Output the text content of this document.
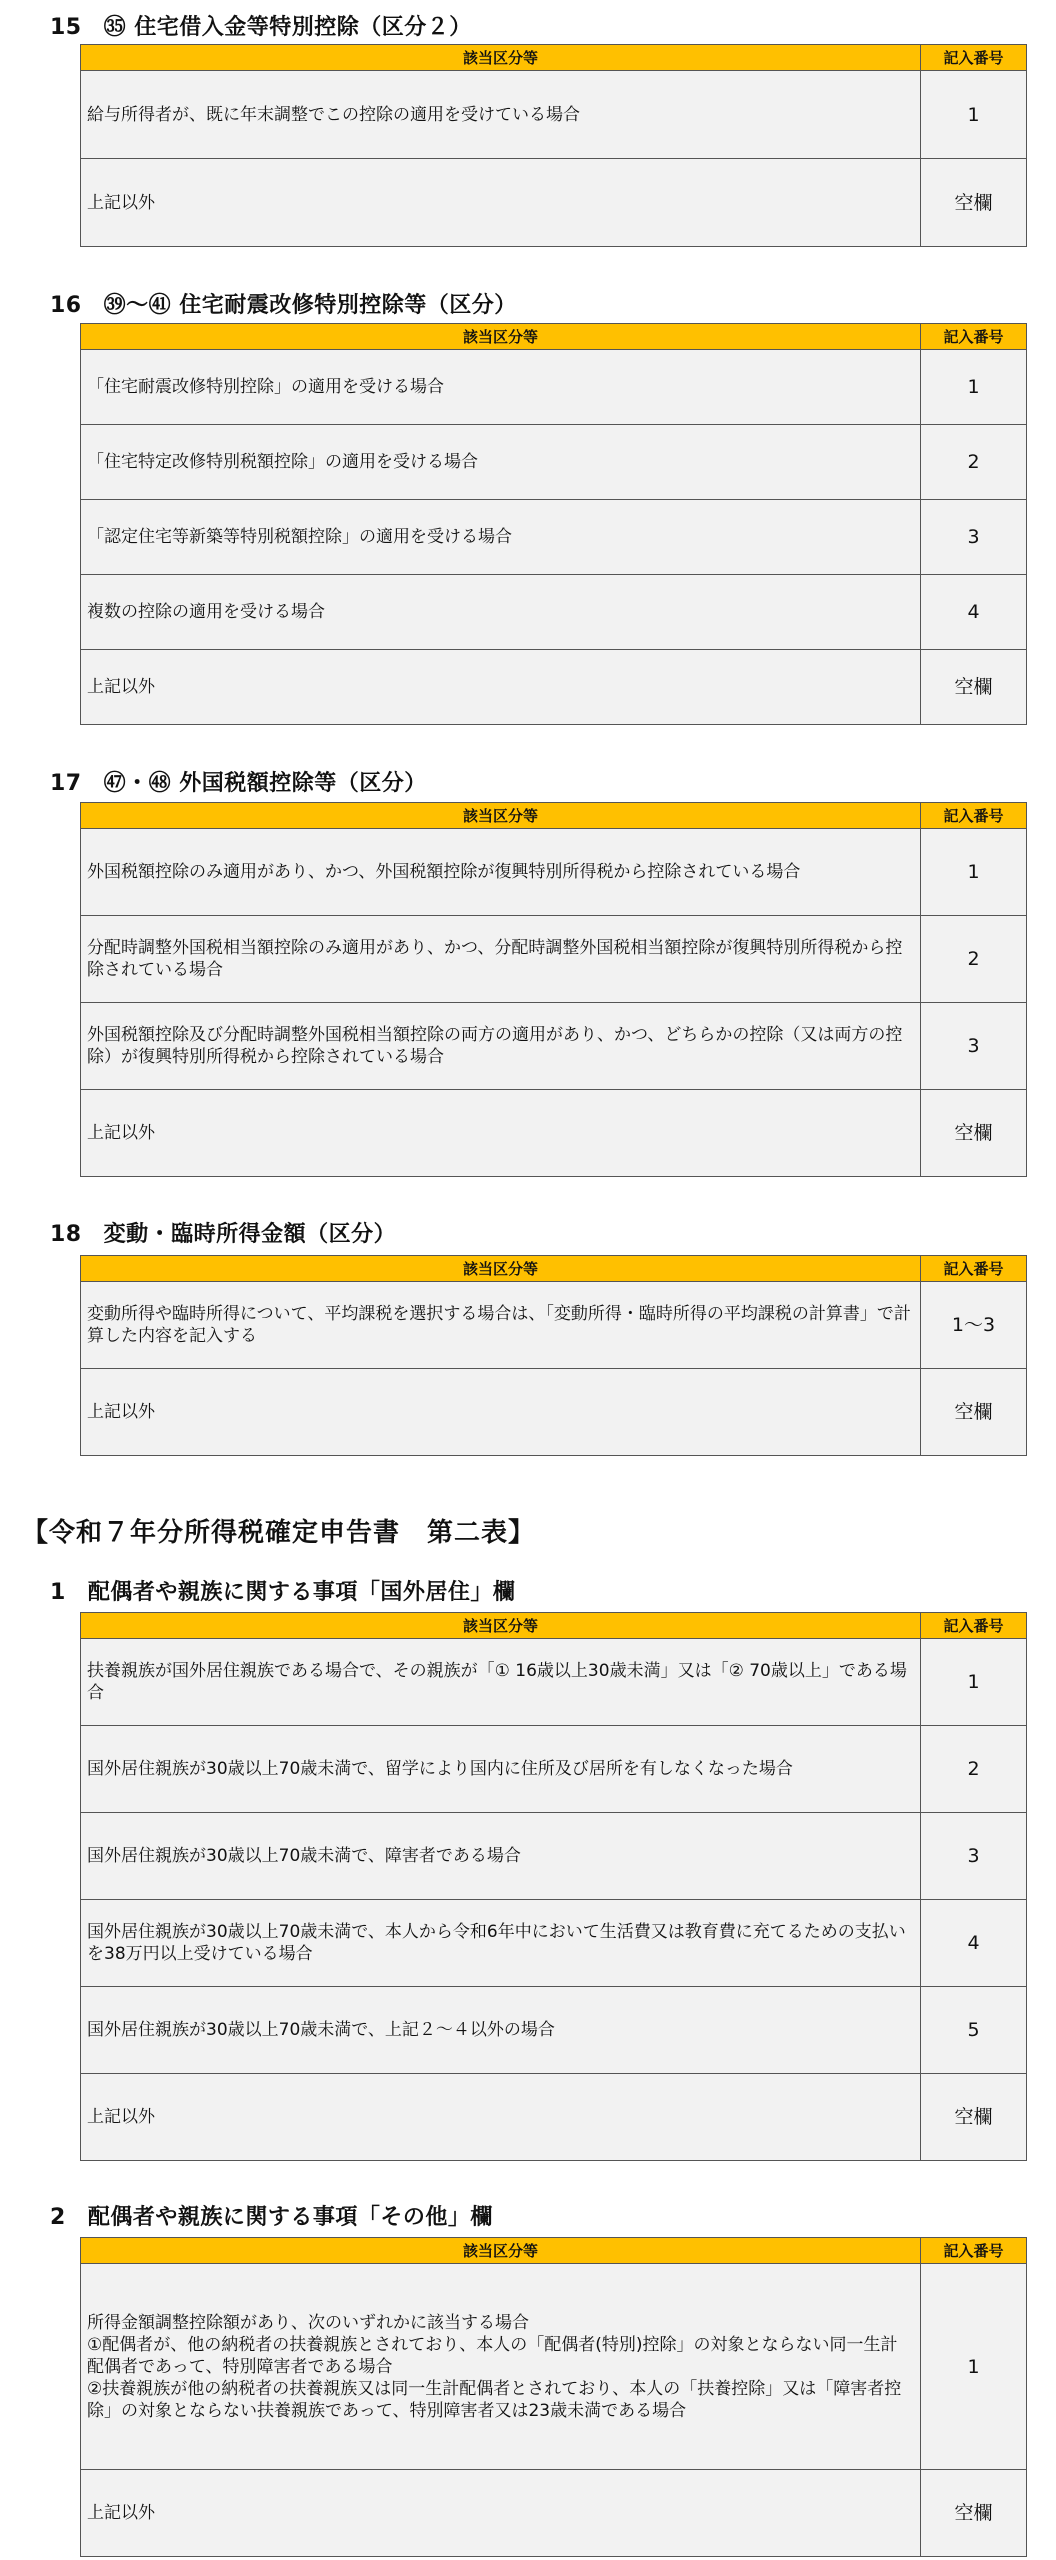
15 ㉟ 住宅借入金等特別控除（区分２）
該当区分等	記入番号
給与所得者が、既に年末調整でこの控除の適用を受けている場合	1
上記以外	空欄
16 ㊴～㊶ 住宅耐震改修特別控除等（区分）
該当区分等	記入番号
「住宅耐震改修特別控除」の適用を受ける場合	1
「住宅特定改修特別税額控除」の適用を受ける場合	2
「認定住宅等新築等特別税額控除」の適用を受ける場合	3
複数の控除の適用を受ける場合	4
上記以外	空欄
17 ㊼・㊽ 外国税額控除等（区分）
該当区分等	記入番号
外国税額控除のみ適用があり、かつ、外国税額控除が復興特別所得税から控除されている場合	1
分配時調整外国税相当額控除のみ適用があり、かつ、分配時調整外国税相当額控除が復興特別所得税から控除されている場合	2
外国税額控除及び分配時調整外国税相当額控除の両方の適用があり、かつ、どちらかの控除（又は両方の控除）が復興特別所得税から控除されている場合	3
上記以外	空欄
18 変動・臨時所得金額（区分）
該当区分等	記入番号
変動所得や臨時所得について、平均課税を選択する場合は、「変動所得・臨時所得の平均課税の計算書」で計算した内容を記入する	1～3
上記以外	空欄
【令和７年分所得税確定申告書　第二表】
1 配偶者や親族に関する事項「国外居住」欄
該当区分等	記入番号
扶養親族が国外居住親族である場合で、その親族が「① 16歳以上30歳未満」又は「② 70歳以上」である場合	1
国外居住親族が30歳以上70歳未満で、留学により国内に住所及び居所を有しなくなった場合	2
国外居住親族が30歳以上70歳未満で、障害者である場合	3
国外居住親族が30歳以上70歳未満で、本人から令和6年中において生活費又は教育費に充てるための支払いを38万円以上受けている場合	4
国外居住親族が30歳以上70歳未満で、上記２～４以外の場合	5
上記以外	空欄
2 配偶者や親族に関する事項「その他」欄
該当区分等	記入番号
所得金額調整控除額があり、次のいずれかに該当する場合
①配偶者が、他の納税者の扶養親族とされており、本人の「配偶者(特別)控除」の対象とならない同一生計配偶者であって、特別障害者である場合
②扶養親族が他の納税者の扶養親族又は同一生計配偶者とされており、本人の「扶養控除」又は「障害者控除」の対象とならない扶養親族であって、特別障害者又は23歳未満である場合	1
上記以外	空欄
